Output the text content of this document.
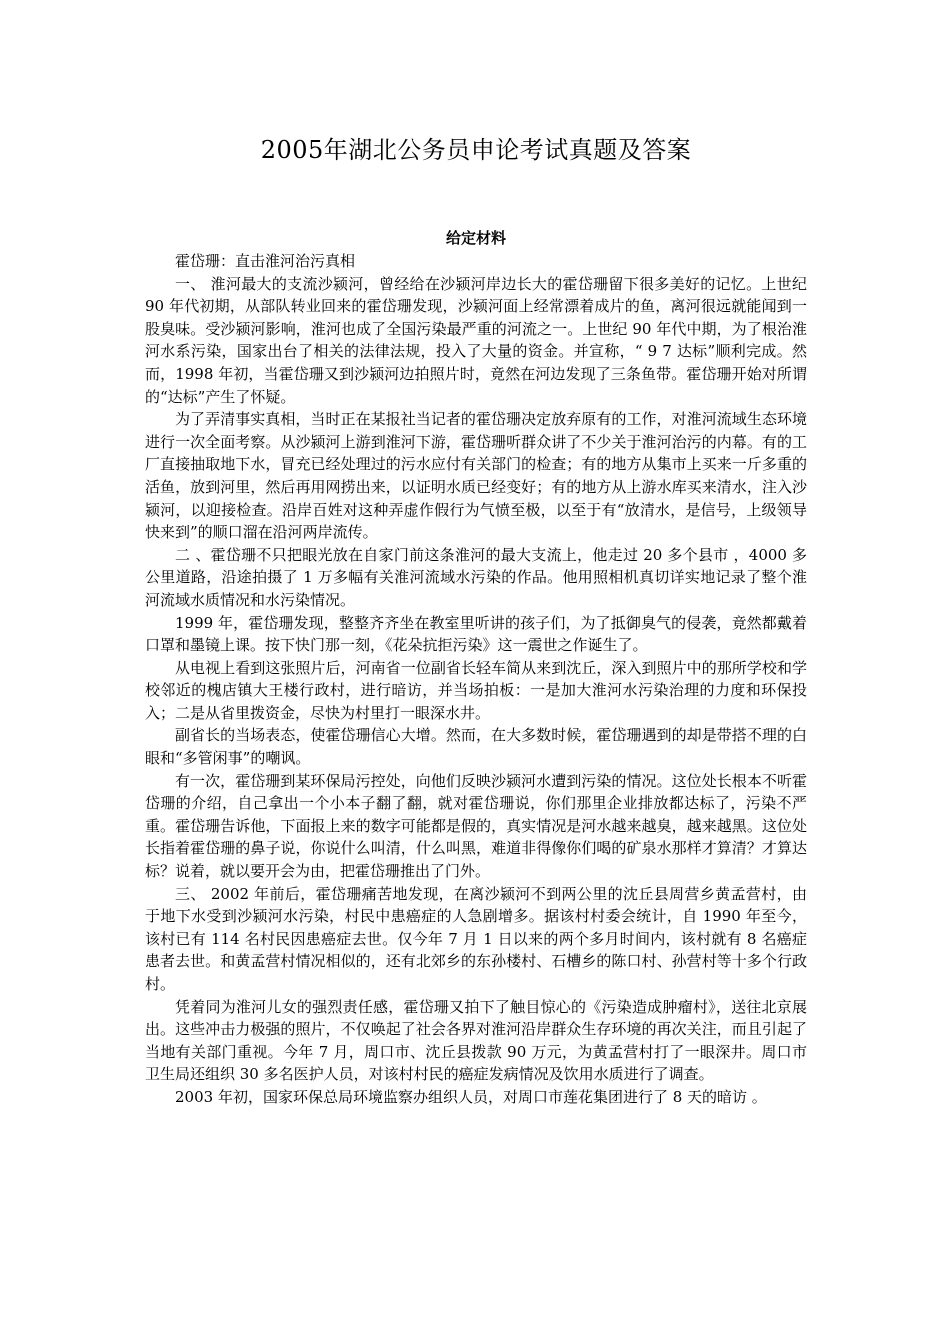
2005年湖北公务员申论考试真题及答案
给定材料

霍岱珊：直击淮河治污真相

一、 淮河最大的支流沙颍河，曾经给在沙颍河岸边长大的霍岱珊留下很多美好的记忆。上世纪 90 年代初期，从部队转业回来的霍岱珊发现，沙颍河面上经常漂着成片的鱼，离河很远就能闻到一股臭味。受沙颍河影响，淮河也成了全国污染最严重的河流之一。上世纪 90 年代中期，为了根治淮河水系污染，国家出台了相关的法律法规，投入了大量的资金。并宣称，“ 9 7 达标”顺利完成。然而，1998 年初，当霍岱珊又到沙颍河边拍照片时，竟然在河边发现了三条鱼带。霍岱珊开始对所谓的“达标”产生了怀疑。

为了弄清事实真相，当时正在某报社当记者的霍岱珊决定放弃原有的工作，对淮河流域生态环境进行一次全面考察。从沙颍河上游到淮河下游，霍岱珊听群众讲了不少关于淮河治污的内幕。有的工厂直接抽取地下水，冒充已经处理过的污水应付有关部门的检查；有的地方从集市上买来一斤多重的活鱼，放到河里，然后再用网捞出来，以证明水质已经变好；有的地方从上游水库买来清水，注入沙颍河，以迎接检查。沿岸百姓对这种弄虚作假行为气愤至极，以至于有“放清水，是信号，上级领导快来到”的顺口溜在沿河两岸流传。

二 、霍岱珊不只把眼光放在自家门前这条淮河的最大支流上，他走过 20 多个县市 ，4000 多公里道路，沿途拍摄了 1 万多幅有关淮河流域水污染的作品。他用照相机真切详实地记录了整个淮河流域水质情况和水污染情况。

1999 年，霍岱珊发现，整整齐齐坐在教室里听讲的孩子们，为了抵御臭气的侵袭，竟然都戴着口罩和墨镜上课。按下快门那一刻，《花朵抗拒污染》这一震世之作诞生了。

从电视上看到这张照片后，河南省一位副省长轻车简从来到沈丘，深入到照片中的那所学校和学校邻近的槐店镇大王楼行政村，进行暗访，并当场拍板：一是加大淮河水污染治理的力度和环保投入；二是从省里拨资金，尽快为村里打一眼深水井。

副省长的当场表态，使霍岱珊信心大增。然而，在大多数时候，霍岱珊遇到的却是带搭不理的白眼和“多管闲事”的嘲讽。

有一次，霍岱珊到某环保局污控处，向他们反映沙颍河水遭到污染的情况。这位处长根本不听霍岱珊的介绍，自己拿出一个小本子翻了翻，就对霍岱珊说，你们那里企业排放都达标了，污染不严重。霍岱珊告诉他，下面报上来的数字可能都是假的，真实情况是河水越来越臭，越来越黑。这位处长指着霍岱珊的鼻子说，你说什么叫清，什么叫黑，难道非得像你们喝的矿泉水那样才算清？才算达标？说着，就以要开会为由，把霍岱珊推出了门外。

三、 2002 年前后，霍岱珊痛苦地发现，在离沙颍河不到两公里的沈丘县周营乡黄孟营村，由于地下水受到沙颍河水污染，村民中患癌症的人急剧增多。据该村村委会统计，自 1990 年至今，该村已有 114 名村民因患癌症去世。仅今年 7 月 1 日以来的两个多月时间内，该村就有 8 名癌症患者去世。和黄孟营村情况相似的，还有北郊乡的东孙楼村、石槽乡的陈口村、孙营村等十多个行政村。

凭着同为淮河儿女的强烈责任感，霍岱珊又拍下了触目惊心的《污染造成肿瘤村》，送往北京展出。这些冲击力极强的照片，不仅唤起了社会各界对淮河沿岸群众生存环境的再次关注，而且引起了当地有关部门重视。今年 7 月，周口市、沈丘县拨款 90 万元，为黄孟营村打了一眼深井。周口市卫生局还组织 30 多名医护人员，对该村村民的癌症发病情况及饮用水质进行了调查。

2003 年初，国家环保总局环境监察办组织人员，对周口市莲花集团进行了 8 天的暗访 。
